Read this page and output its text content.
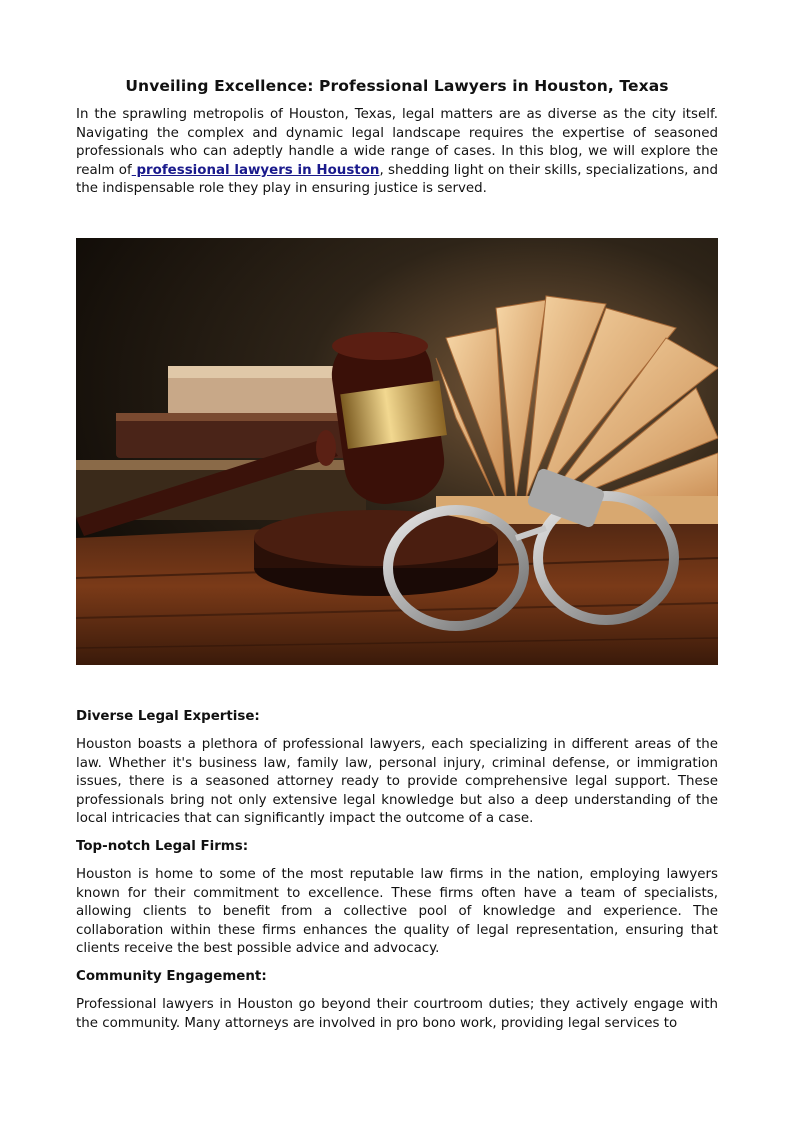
Unveiling Excellence: Professional Lawyers in Houston, Texas

In the sprawling metropolis of Houston, Texas, legal matters are as diverse as the city itself. Navigating the complex and dynamic legal landscape requires the expertise of seasoned professionals who can adeptly handle a wide range of cases. In this blog, we will explore the realm of professional lawyers in Houston, shedding light on their skills, specializations, and the indispensable role they play in ensuring justice is served.

Diverse Legal Expertise:

Houston boasts a plethora of professional lawyers, each specializing in different areas of the law. Whether it's business law, family law, personal injury, criminal defense, or immigration issues, there is a seasoned attorney ready to provide comprehensive legal support. These professionals bring not only extensive legal knowledge but also a deep understanding of the local intricacies that can significantly impact the outcome of a case.

Top-notch Legal Firms:

Houston is home to some of the most reputable law firms in the nation, employing lawyers known for their commitment to excellence. These firms often have a team of specialists, allowing clients to benefit from a collective pool of knowledge and experience. The collaboration within these firms enhances the quality of legal representation, ensuring that clients receive the best possible advice and advocacy.

Community Engagement:

Professional lawyers in Houston go beyond their courtroom duties; they actively engage with the community. Many attorneys are involved in pro bono work, providing legal services to
